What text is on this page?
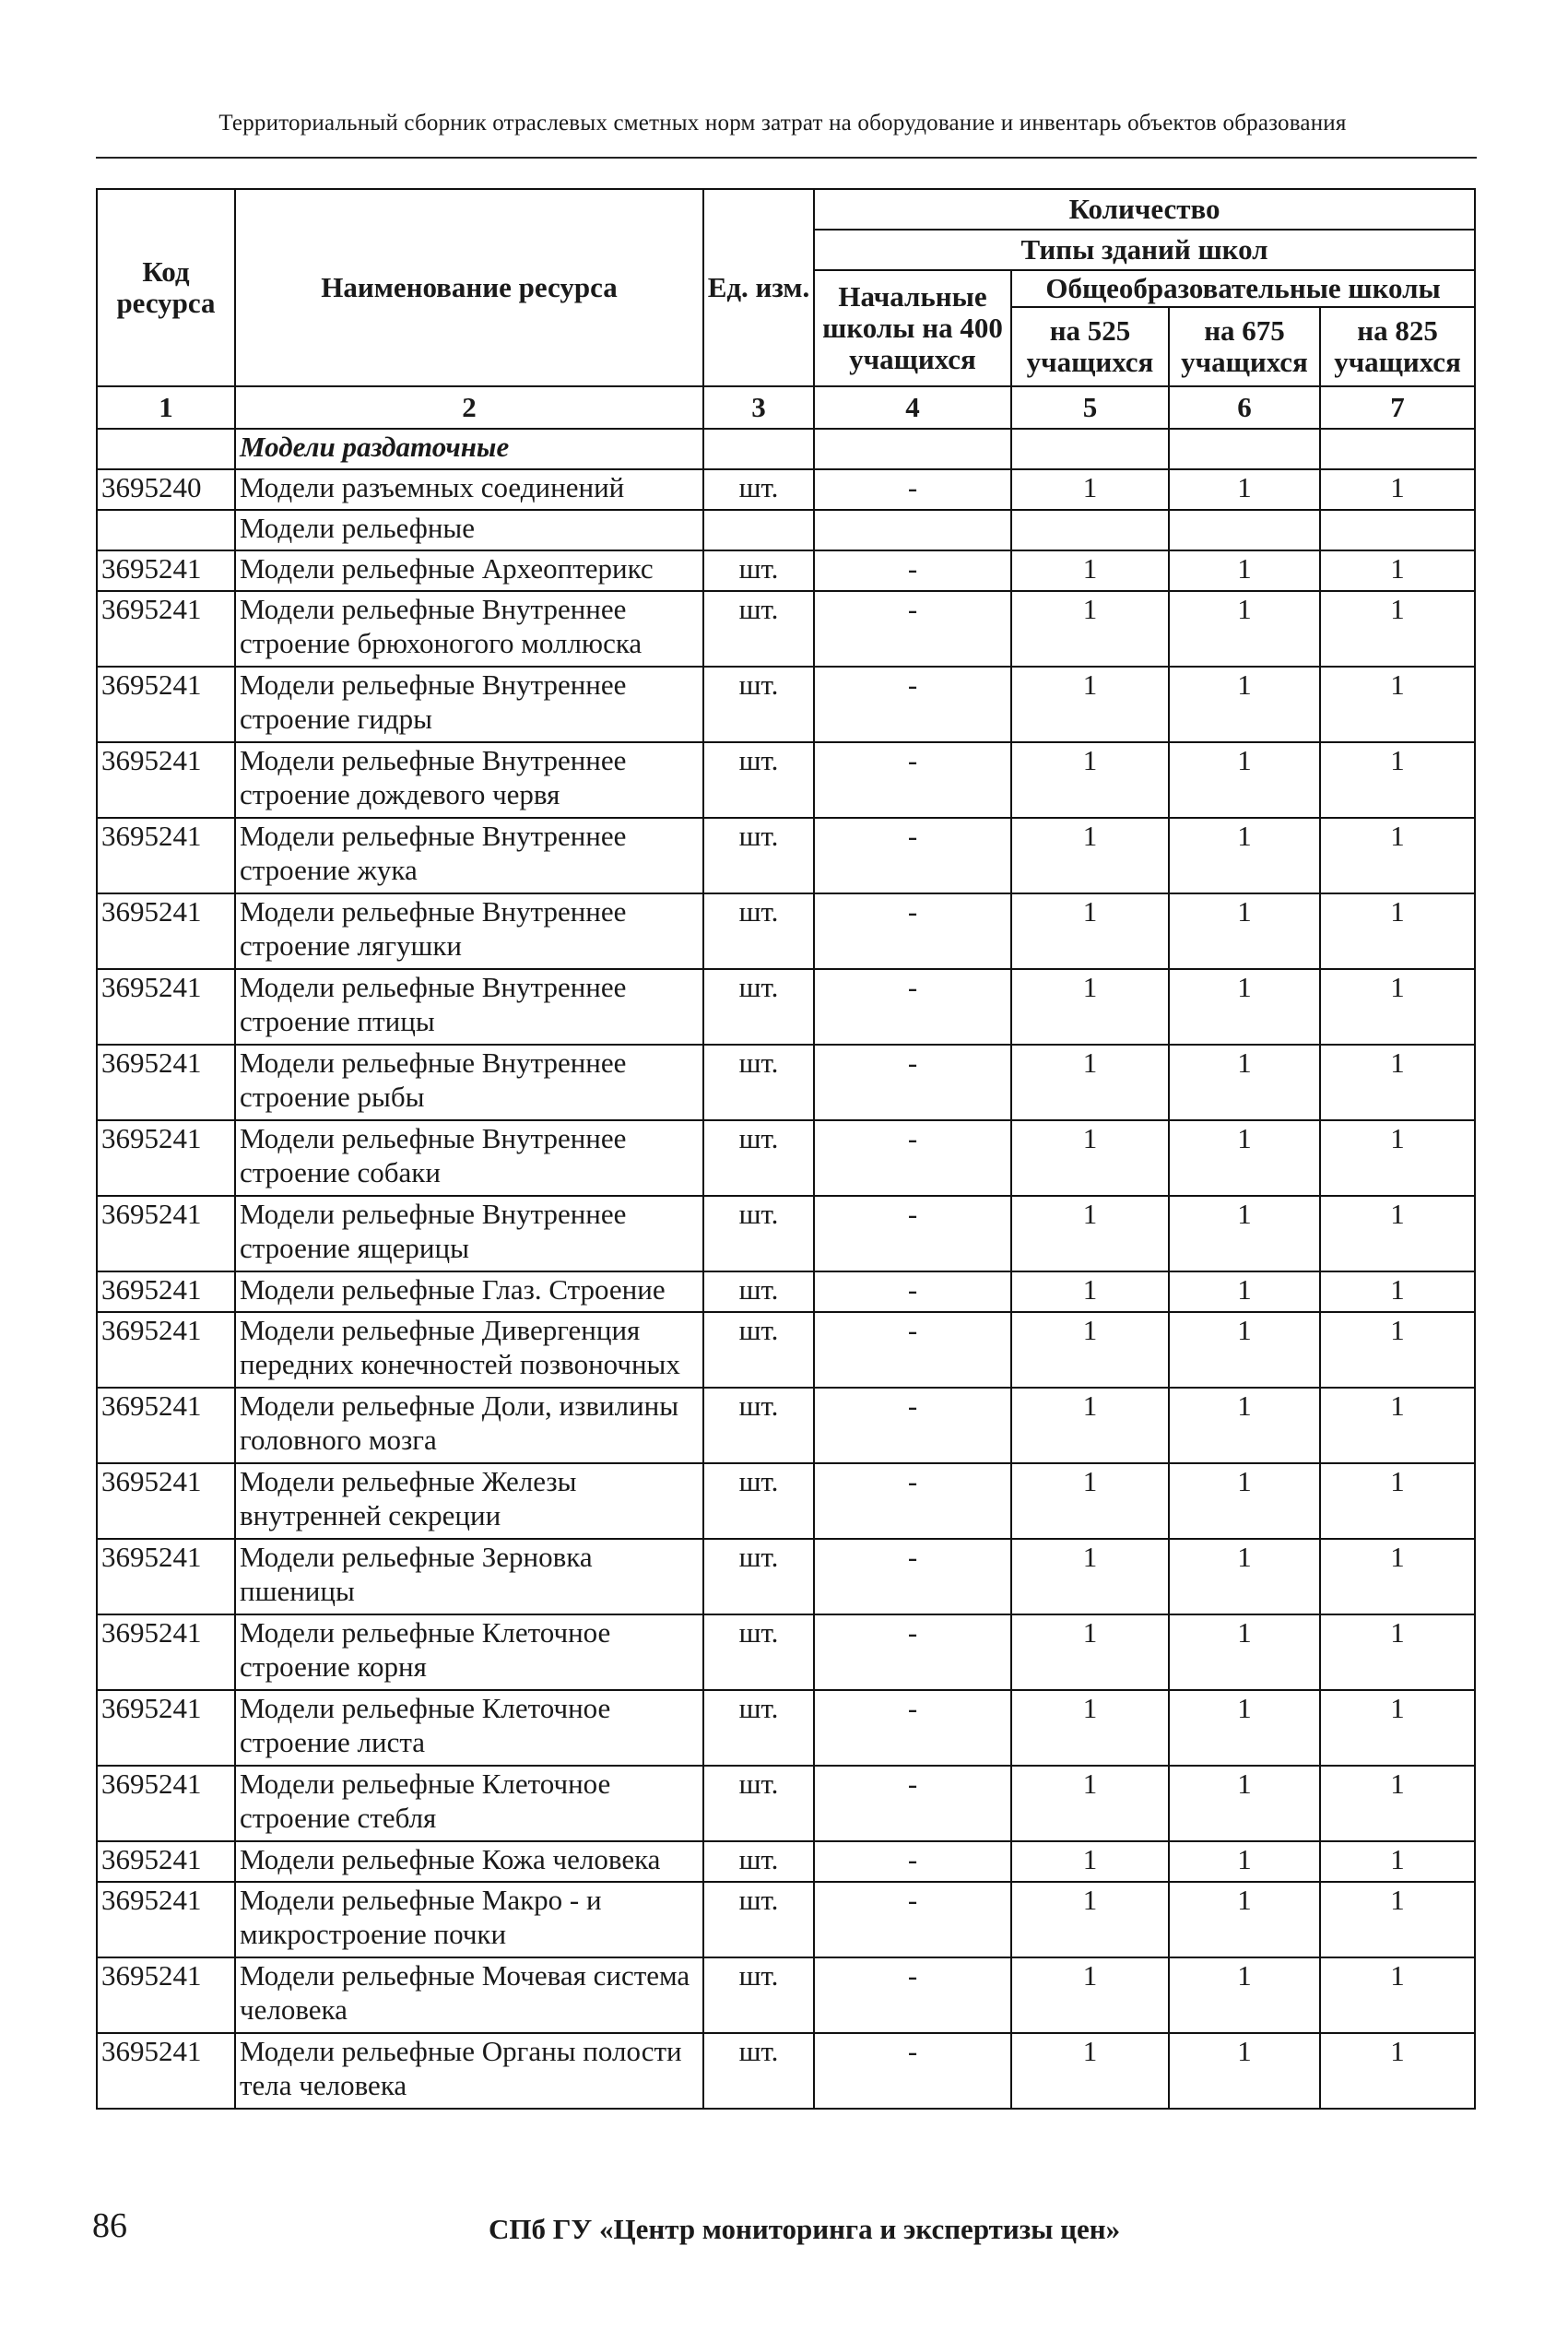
Территориальный сборник отраслевых сметных норм затрат на оборудование и инвентарь объектов образования
Код ресурса	Наименование ресурса	Ед. изм.	Количество			
			Типы зданий школ			
			Начальные школы на 400 учащихся	Общеобразовательные школы		
				на 525 учащихся	на 675 учащихся	на 825 учащихся
1	2	3	4	5	6	7
	Модели раздаточные					
3695240	Модели разъемных соединений	шт.	-	1	1	1
	Модели рельефные					
3695241	Модели рельефные Археоптерикс	шт.	-	1	1	1
3695241	Модели рельефные Внутреннее строение брюхоногого моллюска	шт.	-	1	1	1
3695241	Модели рельефные Внутреннее строение гидры	шт.	-	1	1	1
3695241	Модели рельефные Внутреннее строение дождевого червя	шт.	-	1	1	1
3695241	Модели рельефные Внутреннее строение жука	шт.	-	1	1	1
3695241	Модели рельефные Внутреннее строение лягушки	шт.	-	1	1	1
3695241	Модели рельефные Внутреннее строение птицы	шт.	-	1	1	1
3695241	Модели рельефные Внутреннее строение рыбы	шт.	-	1	1	1
3695241	Модели рельефные Внутреннее строение собаки	шт.	-	1	1	1
3695241	Модели рельефные Внутреннее строение ящерицы	шт.	-	1	1	1
3695241	Модели рельефные Глаз. Строение	шт.	-	1	1	1
3695241	Модели рельефные Дивергенция передних конечностей позвоночных	шт.	-	1	1	1
3695241	Модели рельефные Доли, извилины головного мозга	шт.	-	1	1	1
3695241	Модели рельефные Железы внутренней секреции	шт.	-	1	1	1
3695241	Модели рельефные Зерновка пшеницы	шт.	-	1	1	1
3695241	Модели рельефные Клеточное строение корня	шт.	-	1	1	1
3695241	Модели рельефные Клеточное строение листа	шт.	-	1	1	1
3695241	Модели рельефные Клеточное строение стебля	шт.	-	1	1	1
3695241	Модели рельефные Кожа человека	шт.	-	1	1	1
3695241	Модели рельефные Макро - и микростроение почки	шт.	-	1	1	1
3695241	Модели рельефные Мочевая система человека	шт.	-	1	1	1
3695241	Модели рельефные Органы полости тела человека	шт.	-	1	1	1
86	СПб ГУ «Центр мониторинга и экспертизы цен»
